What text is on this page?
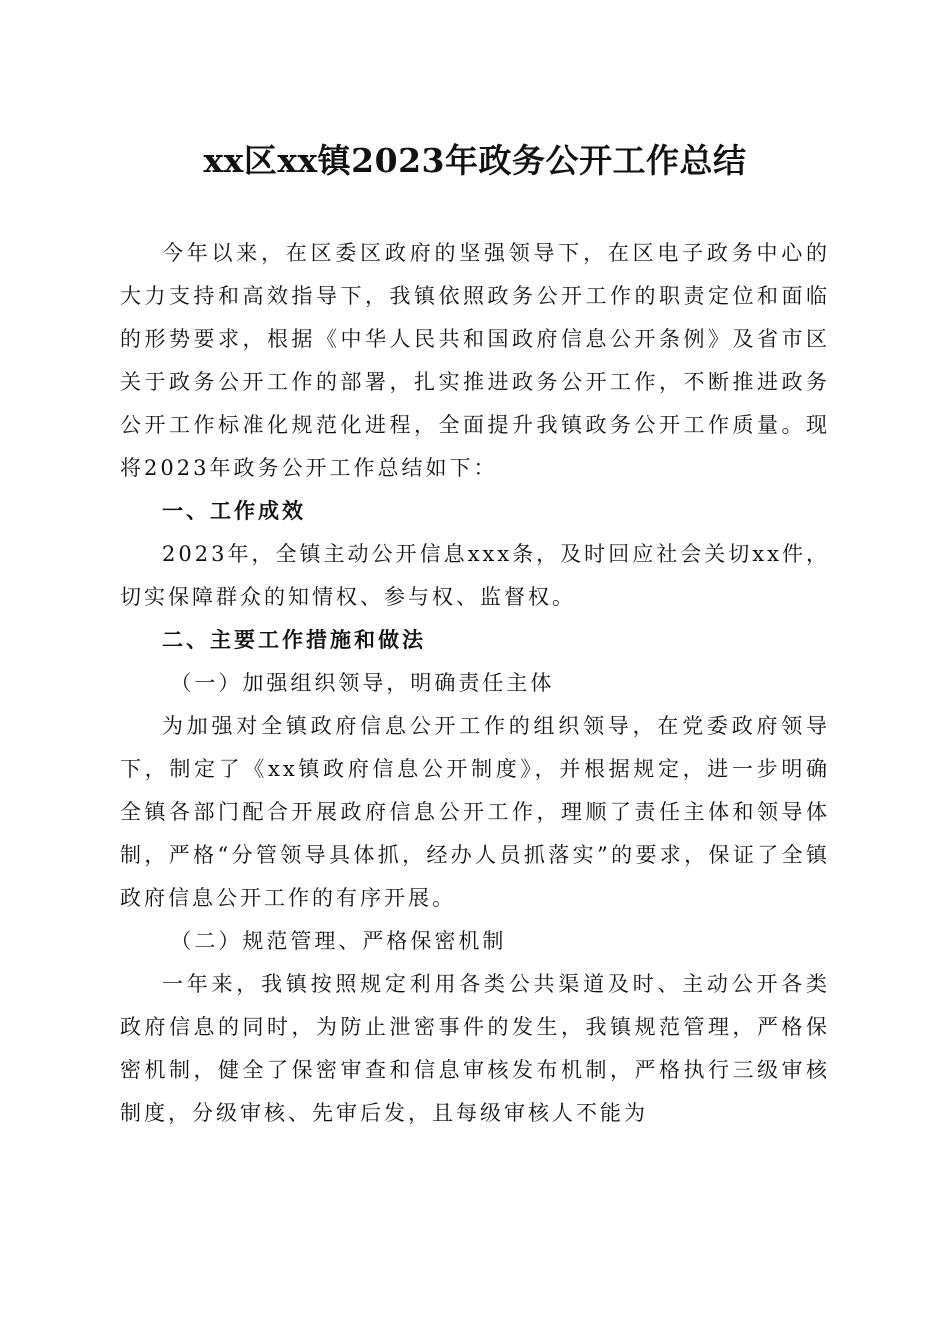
xx区xx镇2023年政务公开工作总结

今年以来，在区委区政府的坚强领导下，在区电子政务中心的大力支持和高效指导下，我镇依照政务公开工作的职责定位和面临的形势要求，根据《中华人民共和国政府信息公开条例》及省市区关于政务公开工作的部署，扎实推进政务公开工作，不断推进政务公开工作标准化规范化进程，全面提升我镇政务公开工作质量。现将2023年政务公开工作总结如下：

一、工作成效

2023年，全镇主动公开信息xxx条，及时回应社会关切xx件，切实保障群众的知情权、参与权、监督权。

二、主要工作措施和做法

（一）加强组织领导，明确责任主体

为加强对全镇政府信息公开工作的组织领导，在党委政府领导下，制定了《xx镇政府信息公开制度》，并根据规定，进一步明确全镇各部门配合开展政府信息公开工作，理顺了责任主体和领导体制，严格“分管领导具体抓，经办人员抓落实”的要求，保证了全镇政府信息公开工作的有序开展。

（二）规范管理、严格保密机制

一年来，我镇按照规定利用各类公共渠道及时、主动公开各类政府信息的同时，为防止泄密事件的发生，我镇规范管理，严格保密机制，健全了保密审查和信息审核发布机制，严格执行三级审核制度，分级审核、先审后发，且每级审核人不能为
